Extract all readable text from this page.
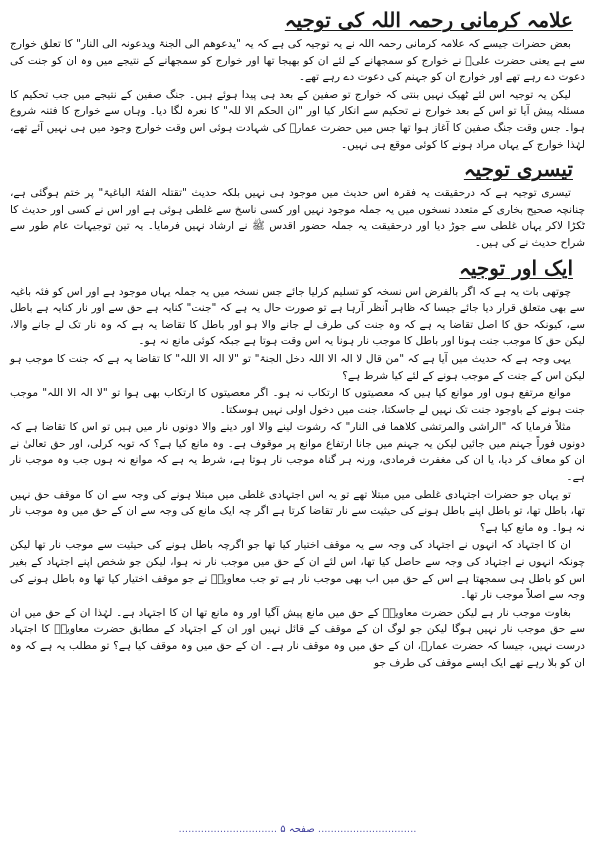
علامہ کرمانی رحمہ اللہ کی توجیہ

بعض حضرات جیسے کہ علامہ کرمانی رحمہ اللہ نے یہ توجیہ کی ہے کہ یہ "یدعوھم الی الجنۃ ویدعونہ الی النار" کا تعلق خوارج سے ہے یعنی حضرت علیؓ نے خوارج کو سمجھانے کے لئے ان کو بھیجا تھا اور خوارج کو سمجھانے کے نتیجے میں وہ ان کو جنت کی دعوت دے رہے تھے اور خوارج ان کو جہنم کی دعوت دے رہے تھے۔

لیکن یہ توجیہ اس لئے ٹھیک نہیں بنتی کہ خوارج تو صفین کے بعد ہی پیدا ہوئے ہیں۔ جنگ صفین کے نتیجے میں جب تحکیم کا مسئلہ پیش آیا تو اس کے بعد خوارج نے تحکیم سے انکار کیا اور "ان الحکم الا للہ" کا نعرہ لگا دیا۔ وہاں سے خوارج کا فتنہ شروع ہوا۔ جس وقت جنگ صفین کا آغاز ہوا تھا جس میں حضرت عمارؓ کی شہادت ہوئی اس وقت خوارج وجود میں ہی نہیں آئے تھے، لہٰذا خوارج کے یہاں مراد ہونے کا کوئی موقع ہی نہیں۔

تیسری توجیہ

تیسری توجیہ ہے کہ درحقیقت یہ فقرہ اس حدیث میں موجود ہی نہیں بلکہ حدیث "تقتلہ الفئۃ الباغیۃ" پر ختم ہوگئی ہے، چنانچہ صحیح بخاری کے متعدد نسخوں میں یہ جملہ موجود نہیں اور کسی ناسخ سے غلطی ہوئی ہے اور اس نے کسی اور حدیث کا ٹکڑا لاکر یہاں غلطی سے جوڑ دیا اور درحقیقت یہ جملہ حضور اقدس ﷺ نے ارشاد نہیں فرمایا۔ یہ تین توجیہات عام طور سے شراح حدیث نے کی ہیں۔

ایک اور توجیہ

چوتھی بات یہ ہے کہ اگر بالفرض اس نسخہ کو تسلیم کرلیا جائے جس نسخہ میں یہ جملہ یہاں موجود ہے اور اس کو فئہ باغیہ سے بھی متعلق قرار دیا جائے جیسا کہ ظاہر اًنظر آرہا ہے تو صورت حال یہ ہے کہ "جنت" کنایہ ہے حق سے اور نار کنایہ ہے باطل سے، کیونکہ حق کا اصل تقاضا یہ ہے کہ وہ جنت کی طرف لے جانے والا ہو اور باطل کا تقاضا یہ ہے کہ وہ نار تک لے جانے والا، لیکن حق کا موجب جنت ہونا اور باطل کا موجب نار ہونا یہ اس وقت ہوتا ہے جبکہ کوئی مانع نہ ہو۔

یہی وجہ ہے کہ حدیث میں آیا ہے کہ "من قال لا الہ الا اللہ دخل الجنۃ" تو "لا الہ الا اللہ" کا تقاضا یہ ہے کہ جنت کا موجب ہو لیکن اس کے جنت کے موجب ہونے کے لئے کیا شرط ہے؟

موانع مرتفع ہوں اور موانع کیا ہیں کہ معصیتوں کا ارتکاب نہ ہو۔ اگر معصیتوں کا ارتکاب بھی ہوا تو "لا الہ الا اللہ" موجب جنت ہونے کے باوجود جنت تک نہیں لے جاسکتا، جنت میں دخول اولی نہیں ہوسکتا۔

مثلاً فرمایا کہ "الراشی والمرتشی کلاھما فی النار" کہ رشوت لینے والا اور دینے والا دونوں نار میں ہیں تو اس کا تقاضا ہے کہ دونوں فوراً جہنم میں جائیں لیکن یہ جہنم میں جانا ارتفاع موانع پر موقوف ہے۔ وہ مانع کیا ہے؟ کہ توبہ کرلی، اور حق تعالیٰ نے ان کو معاف کر دیا، یا ان کی مغفرت فرمادی، ورنہ ہر گناہ موجب نار ہوتا ہے، شرط یہ ہے کہ موانع نہ ہوں جب وہ موجب نار ہے۔

تو یہاں جو حضرات اجتہادی غلطی میں مبتلا تھے تو یہ اس اجتہادی غلطی میں مبتلا ہونے کی وجہ سے ان کا موقف حق نہیں تھا، باطل تھا، تو باطل اپنے باطل ہونے کی حیثیت سے نار تقاضا کرتا ہے اگر چہ ایک مانع کی وجہ سے ان کے حق میں وہ موجب نار نہ ہوا۔ وہ مانع کیا ہے؟

ان کا اجتہاد کہ انہوں نے اجتہاد کی وجہ سے یہ موقف اختیار کیا تھا جو اگرچہ باطل ہونے کی حیثیت سے موجب نار تھا لیکن چونکہ انہوں نے اجتہاد کی وجہ سے حاصل کیا تھا، اس لئے ان کے حق میں موجب نار نہ ہوا، لیکن جو شخص اپنے اجتہاد کے بغیر اس کو باطل ہی سمجھتا ہے اس کے حق میں اب بھی موجب نار ہے تو جب معاویہؓ نے جو موقف اختیار کیا تھا وہ باطل ہونے کی وجہ سے اصلاً موجب نار تھا۔

بغاوت موجب نار ہے لیکن حضرت معاویہؓ کے حق میں مانع پیش آگیا اور وہ مانع تھا ان کا اجتہاد ہے۔ لہٰذا ان کے حق میں ان سے حق موجب نار نہیں ہوگا لیکن جو لوگ ان کے موقف کے قائل نہیں اور ان کے اجتہاد کے مطابق حضرت معاویہؓ کا اجتہاد درست نہیں، جیسا کہ حضرت عمارؓ، ان کے حق میں وہ موقف نار ہے۔ ان کے حق میں وہ موقف کیا ہے؟ تو مطلب یہ ہے کہ وہ ان کو بلا رہے تھے ایک ایسے موقف کی طرف جو

............................... صفحہ ۵ ...............................
